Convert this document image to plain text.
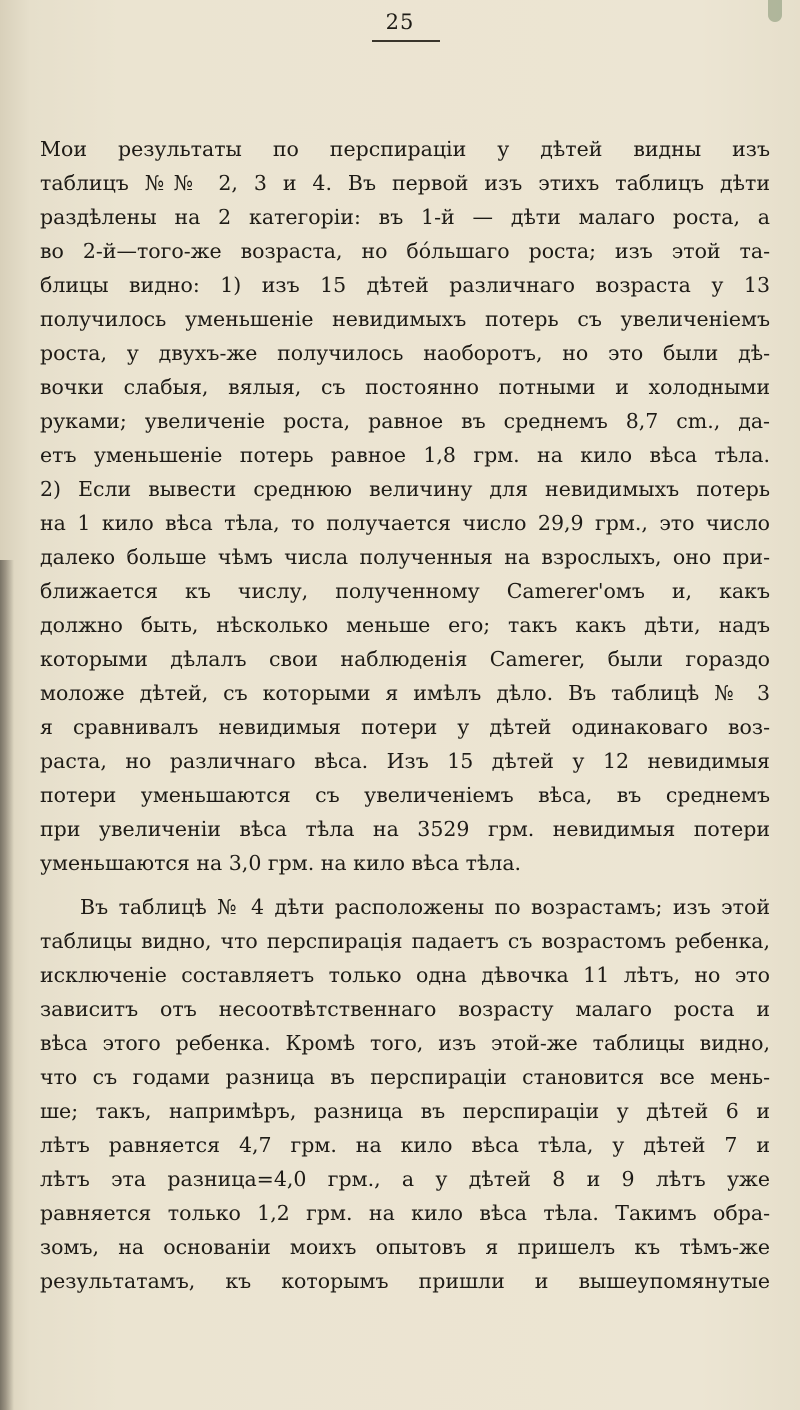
25
Мои результаты по перспираціи у дѣтей видны изъ
таблицъ №№ 2, 3 и 4. Въ первой изъ этихъ таблицъ дѣти
раздѣлены на 2 категоріи: въ 1-й — дѣти малаго роста, а
во 2-й—того-же возраста, но бóльшаго роста; изъ этой та-
блицы видно: 1) изъ 15 дѣтей различнаго возраста у 13
получилось уменьшеніе невидимыхъ потерь съ увеличеніемъ
роста, у двухъ-же получилось наоборотъ, но это были дѣ-
вочки слабыя, вялыя, съ постоянно потными и холодными
руками; увеличеніе роста, равное въ среднемъ 8,7 cm., да-
етъ уменьшеніе потерь равное 1,8 грм. на кило вѣса тѣла.
2) Если вывести среднюю величину для невидимыхъ потерь
на 1 кило вѣса тѣла, то получается число 29,9 грм., это число
далеко больше чѣмъ числа полученныя на взрослыхъ, оно при-
ближается къ числу, полученному Camerer'омъ и, какъ
должно быть, нѣсколько меньше его; такъ какъ дѣти, надъ
которыми дѣлалъ свои наблюденія Camerer, были гораздо
моложе дѣтей, съ которыми я имѣлъ дѣло. Въ таблицѣ № 3
я сравнивалъ невидимыя потери у дѣтей одинаковаго воз-
раста, но различнаго вѣса. Изъ 15 дѣтей у 12 невидимыя
потери уменьшаются съ увеличеніемъ вѣса, въ среднемъ
при увеличеніи вѣса тѣла на 3529 грм. невидимыя потери
уменьшаются на 3,0 грм. на кило вѣса тѣла.
Въ таблицѣ № 4 дѣти расположены по возрастамъ; изъ этой
таблицы видно, что перспирація падаетъ съ возрастомъ ребенка,
исключеніе составляетъ только одна дѣвочка 11 лѣтъ, но это
зависитъ отъ несоотвѣтственнаго возрасту малаго роста и
вѣса этого ребенка. Кромѣ того, изъ этой-же таблицы видно,
что съ годами разница въ перспираціи становится все мень-
ше; такъ, напримѣръ, разница въ перспираціи у дѣтей 6 и
лѣтъ равняется 4,7 грм. на кило вѣса тѣла, у дѣтей 7 и
лѣтъ эта разница=4,0 грм., а у дѣтей 8 и 9 лѣтъ уже
равняется только 1,2 грм. на кило вѣса тѣла. Такимъ обра-
зомъ, на основаніи моихъ опытовъ я пришелъ къ тѣмъ-же
результатамъ, къ которымъ пришли и вышеупомянутые
